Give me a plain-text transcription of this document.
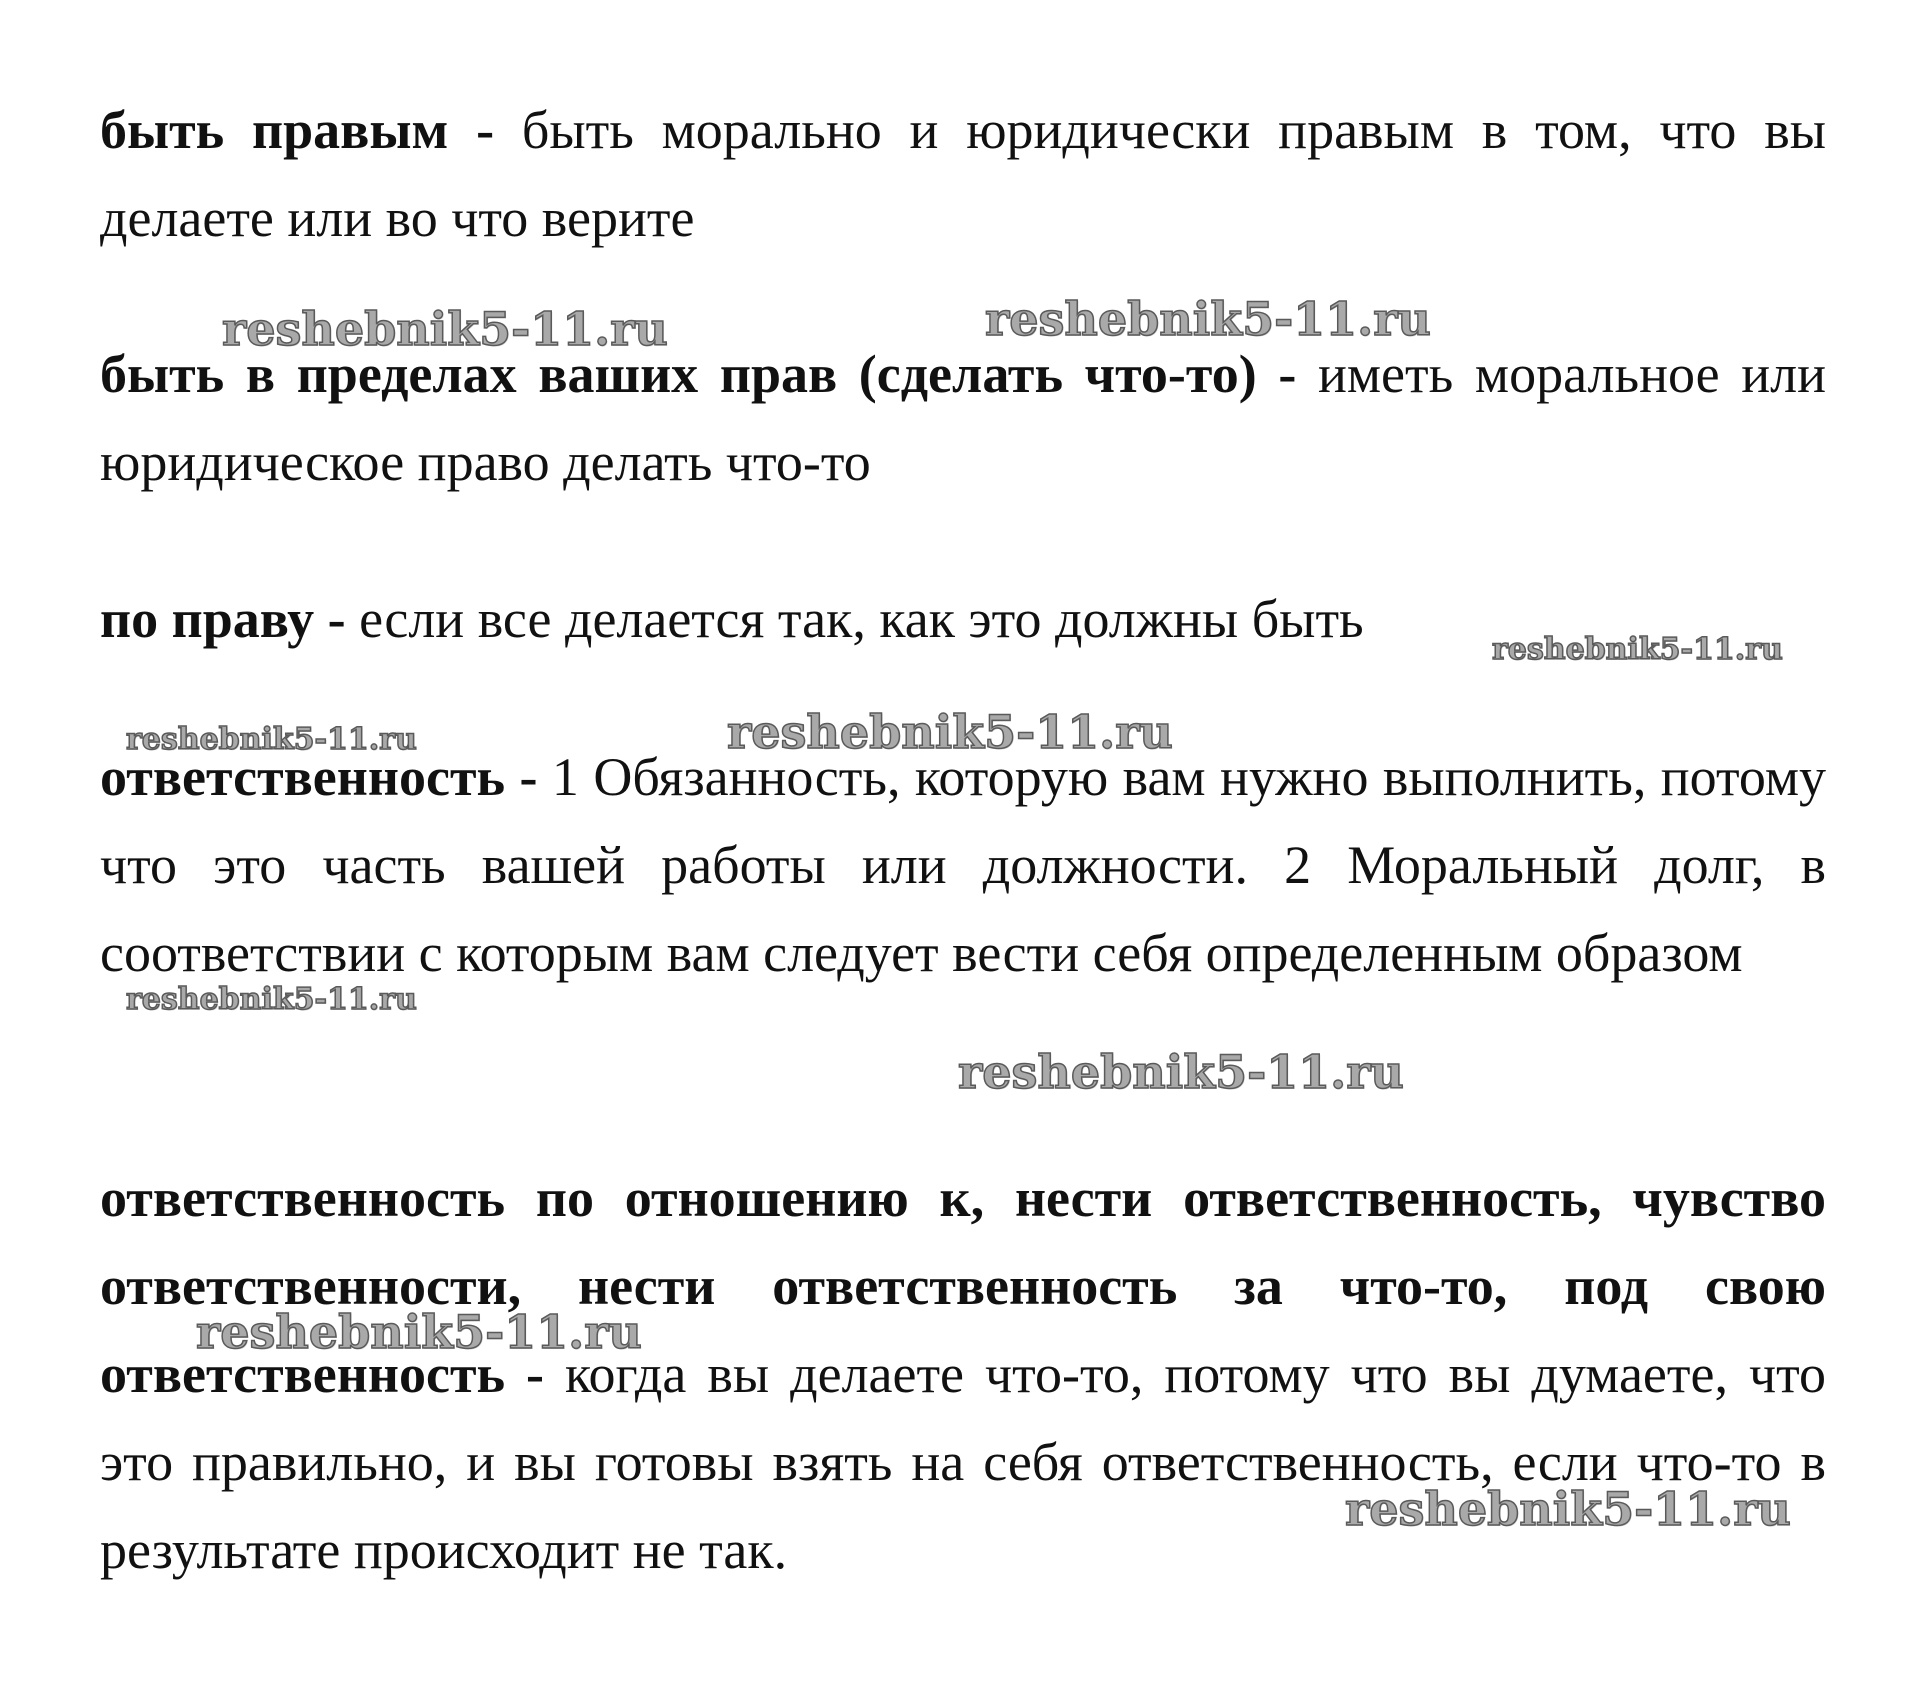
быть правым - быть морально и юридически правым в том, что вы делаете или во что верите

быть в пределах ваших прав (сделать что-то) - иметь моральное или юридическое право делать что-то

по праву - если все делается так, как это должны быть

ответственность - 1 Обязанность, которую вам нужно выполнить, потому что это часть вашей работы или должности. 2 Моральный долг, в соответствии с которым вам следует вести себя определенным образом

ответственность по отношению к, нести ответственность, чувство ответственности, нести ответственность за что-то, под свою ответственность - когда вы делаете что-то, потому что вы думаете, что это правильно, и вы готовы взять на себя ответственность, если что-то в результате происходит не так.

reshebnik5-11.ru	reshebnik5-11.ru
reshebnik5-11.ru
reshebnik5-11.ru	reshebnik5-11.ru
reshebnik5-11.ru
reshebnik5-11.ru
reshebnik5-11.ru
reshebnik5-11.ru
